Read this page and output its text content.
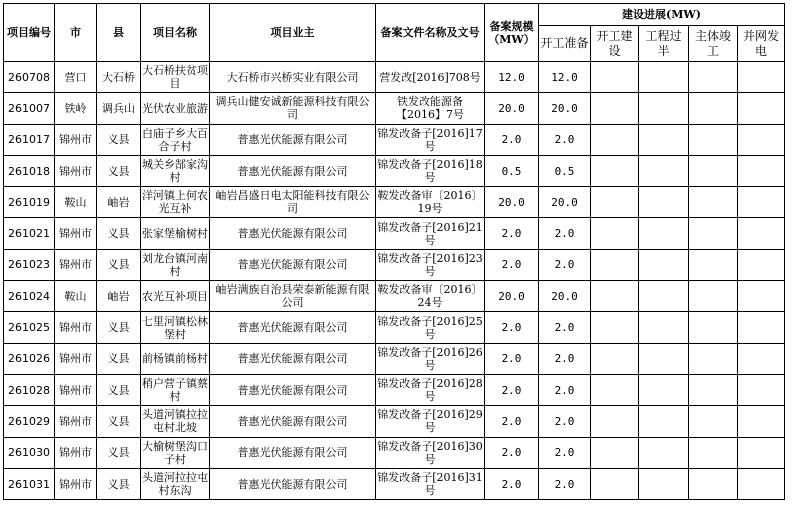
项目编号	市	县	项目名称	项目业主	备案文件名称及文号	备案规模（MW）	建设进展(MW)				
							开工准备	开工建设	工程过半	主体竣工	并网发电
260708	营口	大石桥	大石桥扶贫项目	大石桥市兴桥实业有限公司	营发改[2016]708号	12.0	12.0				
261007	铁岭	调兵山	光伏农业旅游	调兵山健安诚新能源科技有限公司	铁发改能源备【2016】7号	20.0	20.0				
261017	锦州市	义县	白庙子乡大百合子村	普惠光伏能源有限公司	锦发改备子[2016]17号	2.0	2.0				
261018	锦州市	义县	城关乡郜家沟村	普惠光伏能源有限公司	锦发改备子[2016]18号	0.5	0.5				
261019	鞍山	岫岩	洋河镇上何农光互补	岫岩昌盛日电太阳能科技有限公司	鞍发改备审〔2016〕19号	20.0	20.0				
261021	锦州市	义县	张家堡榆树村	普惠光伏能源有限公司	锦发改备子[2016]21号	2.0	2.0				
261023	锦州市	义县	刘龙台镇河南村	普惠光伏能源有限公司	锦发改备子[2016]23号	2.0	2.0				
261024	鞍山	岫岩	农光互补项目	岫岩满族自治县荣泰新能源有限公司	鞍发改备审〔2016〕24号	20.0	20.0				
261025	锦州市	义县	七里河镇松林堡村	普惠光伏能源有限公司	锦发改备子[2016]25号	2.0	2.0				
261026	锦州市	义县	前杨镇前杨村	普惠光伏能源有限公司	锦发改备子[2016]26号	2.0	2.0				
261028	锦州市	义县	稍户营子镇蔡村	普惠光伏能源有限公司	锦发改备子[2016]28号	2.0	2.0				
261029	锦州市	义县	头道河镇拉拉屯村北坡	普惠光伏能源有限公司	锦发改备子[2016]29号	2.0	2.0				
261030	锦州市	义县	大榆树堡沟口子村	普惠光伏能源有限公司	锦发改备子[2016]30号	2.0	2.0				
261031	锦州市	义县	头道河拉拉屯村东沟	普惠光伏能源有限公司	锦发改备子[2016]31号	2.0	2.0				
